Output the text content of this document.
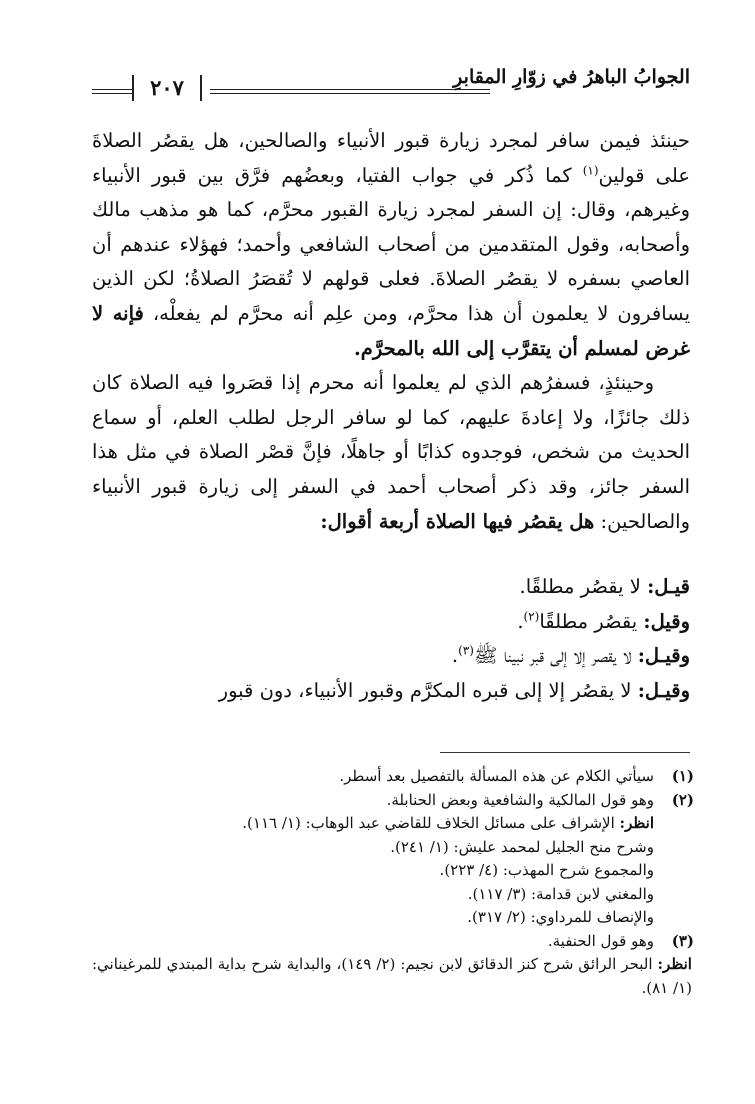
الجوابُ الباهرُ في زوّارِ المقابرِ
٢٠٧

حينئذ فيمن سافر لمجرد زيارة قبور الأنبياء والصالحين، هل يقصُر الصلاةَ على قولين$^{(١)}$ كما ذُكر في جواب الفتيا، وبعضُهم فرَّق بين قبور الأنبياء وغيرهم، وقال: إن السفر لمجرد زيارة القبور محرَّم، كما هو مذهب مالك وأصحابه، وقول المتقدمين من أصحاب الشافعي وأحمد؛ فهؤلاء عندهم أن العاصي بسفره لا يقصُر الصلاةَ. فعلى قولهم لا تُقصَرُ الصلاةُ؛ لكن الذين يسافرون لا يعلمون أن هذا محرَّم، ومن علِم أنه محرَّم لم يفعلْه، فإنه لا غرض لمسلم أن يتقرَّب إلى الله بالمحرَّم.

وحينئذٍ، فسفرُهم الذي لم يعلموا أنه محرم إذا قصَروا فيه الصلاة كان ذلك جائزًا، ولا إعادةَ عليهم، كما لو سافر الرجل لطلب العلم، أو سماع الحديث من شخص، فوجدوه كذابًا أو جاهلًا، فإنَّ قصْر الصلاة في مثل هذا السفر جائز، وقد ذكر أصحاب أحمد في السفر إلى زيارة قبور الأنبياء والصالحين: هل يقصُر فيها الصلاة أربعة أقوال:

قيـل: لا يقصُر مطلقًا.
وقيل: يقصُر مطلقًا$^{(٢)}$.
وقيـل: لا يقصر إلا إلى قبر نبينا ﷺ$^{(٣)}$.
وقيـل: لا يقصُر إلا إلى قبره المكرَّم وقبور الأنبياء، دون قبور
(١)
سيأتي الكلام عن هذه المسألة بالتفصيل بعد أسطر.
(٢)
وهو قول المالكية والشافعية وبعض الحنابلة.
انظر: الإشراف على مسائل الخلاف للقاضي عبد الوهاب: (١/ ١١٦).
وشرح منح الجليل لمحمد عليش: (١/ ٢٤١).
والمجموع شرح المهذب: (٤/ ٢٢٣).
والمغني لابن قدامة: (٣/ ١١٧).
والإنصاف للمرداوي: (٢/ ٣١٧).
(٣)
وهو قول الحنفية.
انظر: البحر الرائق شرح كنز الدقائق لابن نجيم: (٢/ ١٤٩)، والبداية شرح بداية المبتدي للمرغيناني: (١/ ٨١).
